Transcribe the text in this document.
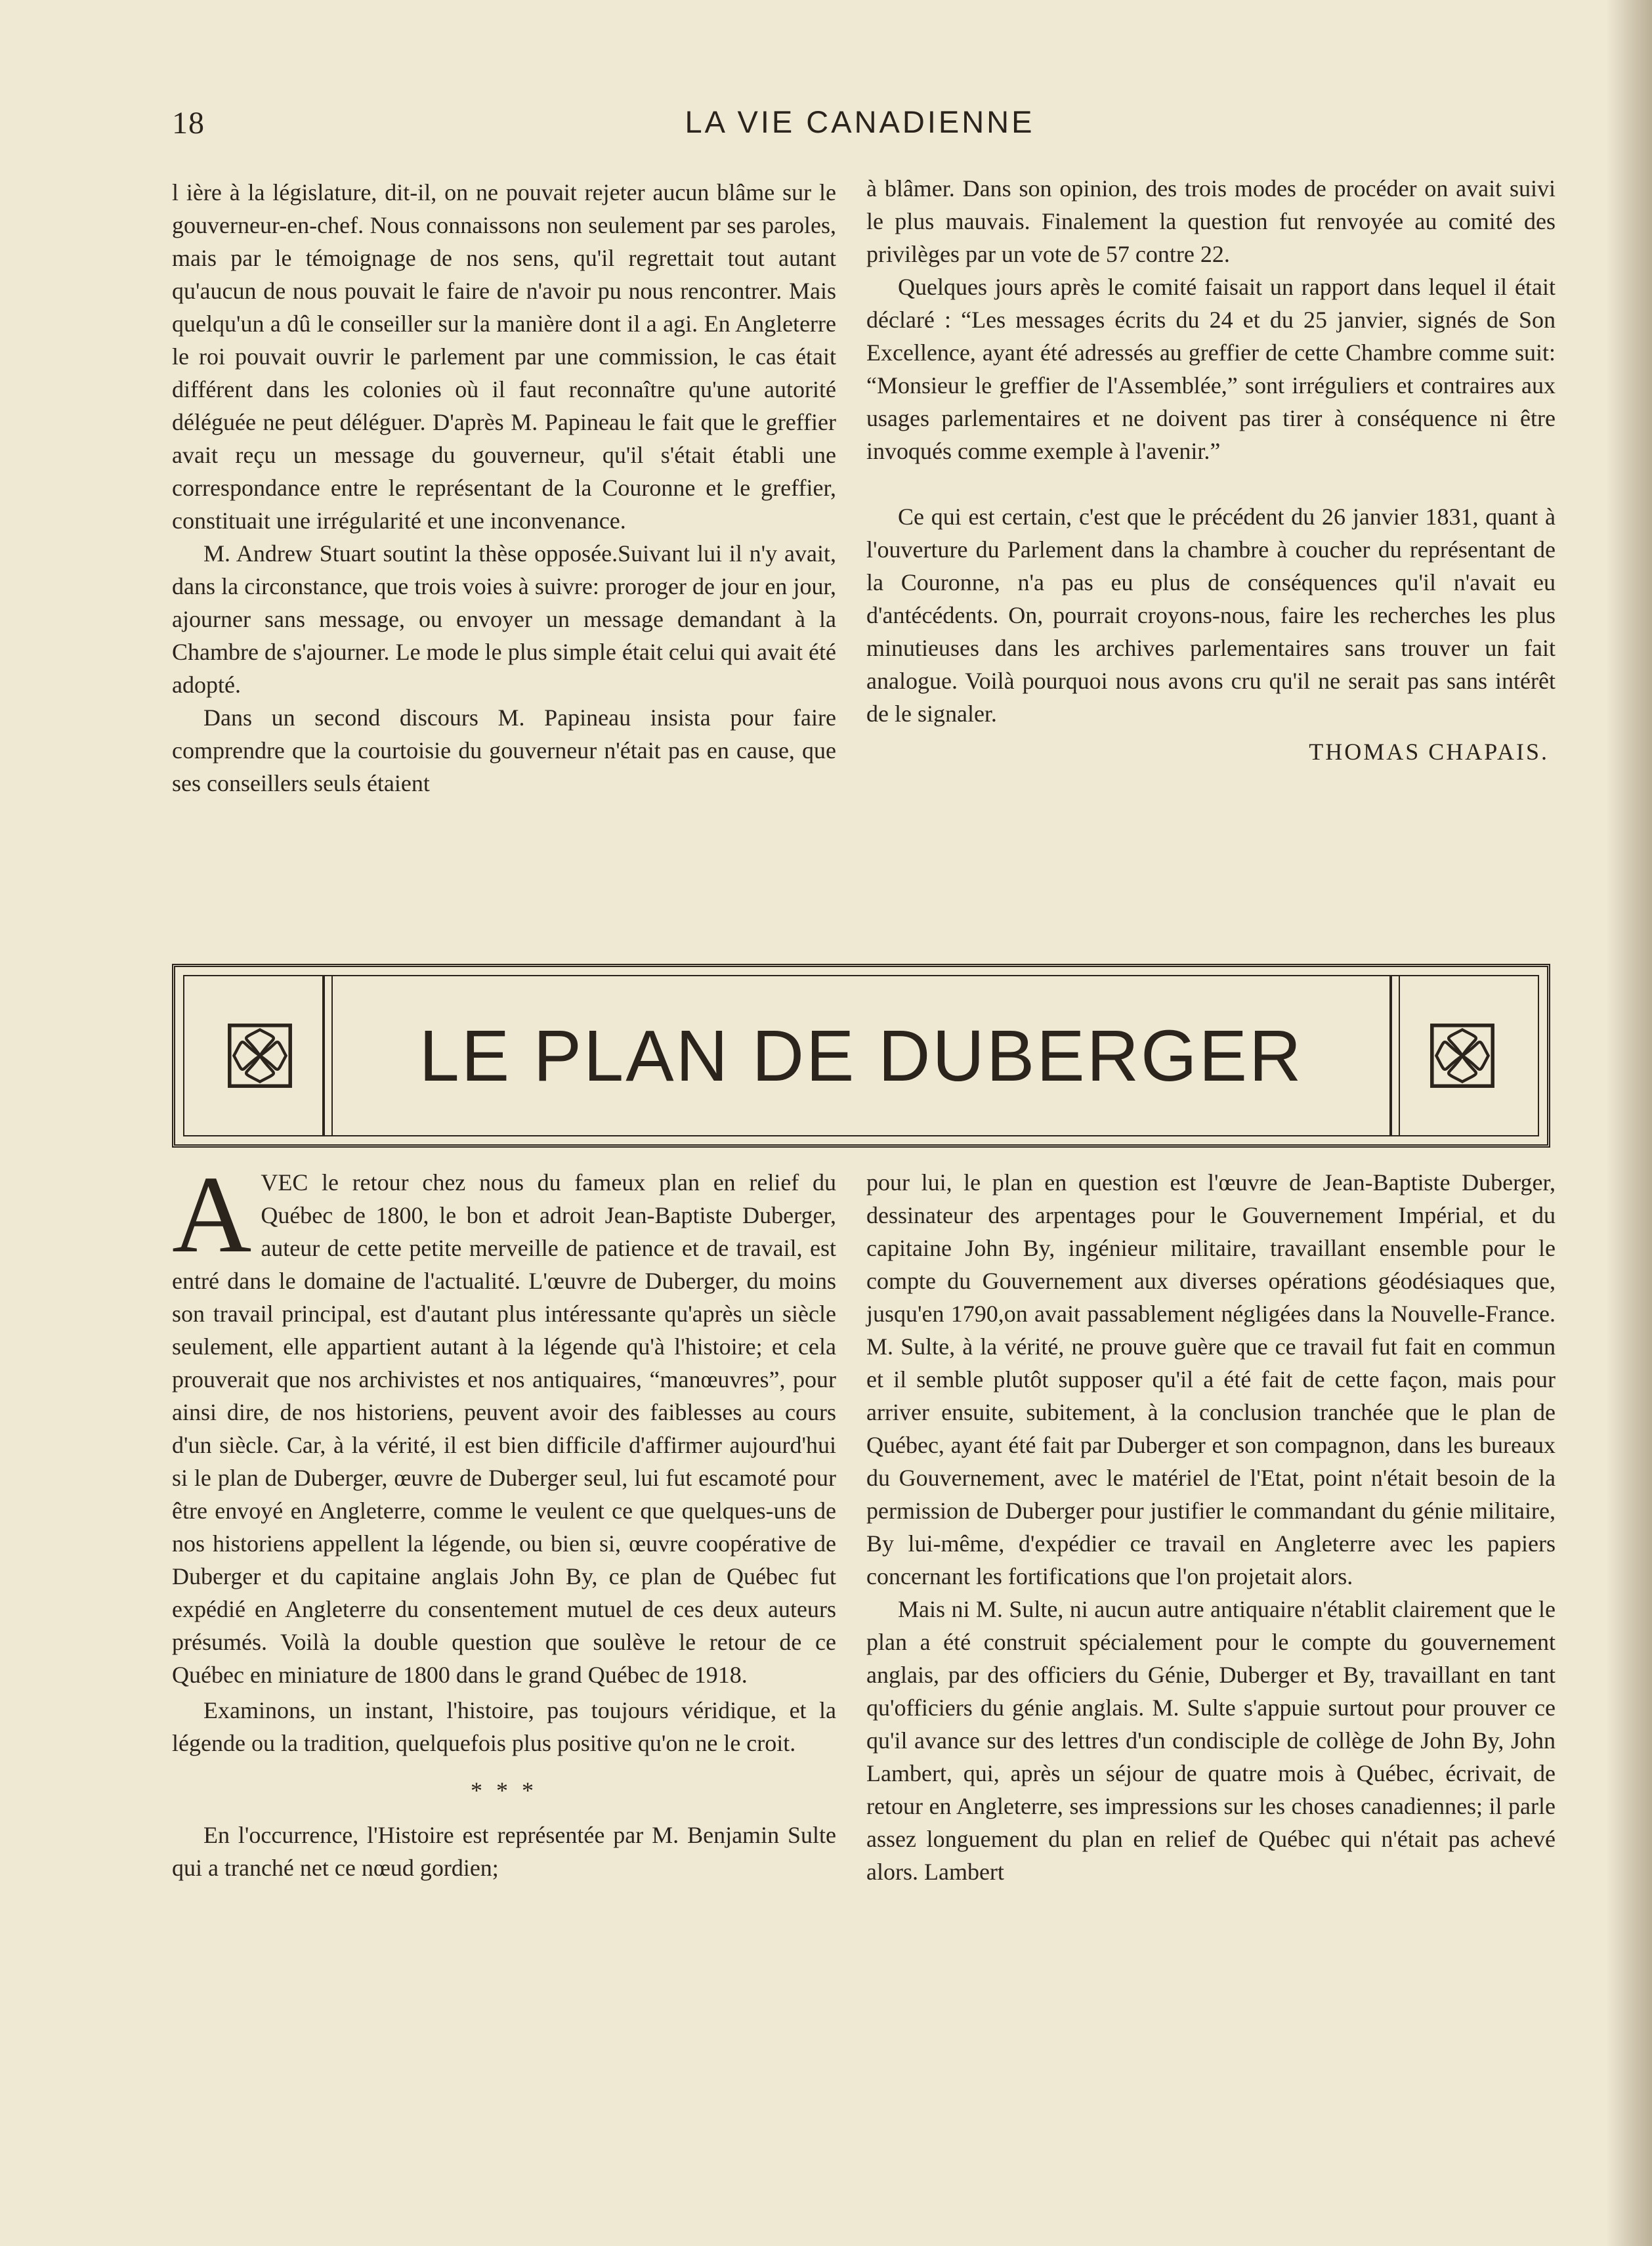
18	LA VIE CANADIENNE

l ière à la législature, dit-il, on ne pouvait rejeter aucun blâme sur le gouverneur-en-chef. Nous connaissons non seulement par ses paroles, mais par le témoignage de nos sens, qu'il regrettait tout autant qu'aucun de nous pouvait le faire de n'avoir pu nous rencontrer. Mais quelqu'un a dû le conseiller sur la manière dont il a agi. En Angleterre le roi pouvait ouvrir le parlement par une commission, le cas était différent dans les colonies où il faut reconnaître qu'une autorité déléguée ne peut déléguer. D'après M. Papineau le fait que le greffier avait reçu un message du gouverneur, qu'il s'était établi une correspondance entre le représentant de la Couronne et le greffier, constituait une irrégularité et une inconvenance.

M. Andrew Stuart soutint la thèse opposée.Suivant lui il n'y avait, dans la circonstance, que trois voies à suivre: proroger de jour en jour, ajourner sans message, ou envoyer un message demandant à la Chambre de s'ajourner. Le mode le plus simple était celui qui avait été adopté.

Dans un second discours M. Papineau insista pour faire comprendre que la courtoisie du gouverneur n'était pas en cause, que ses conseillers seuls étaient

à blâmer. Dans son opinion, des trois modes de procéder on avait suivi le plus mauvais. Finalement la question fut renvoyée au comité des privilèges par un vote de 57 contre 22.

Quelques jours après le comité faisait un rapport dans lequel il était déclaré : “Les messages écrits du 24 et du 25 janvier, signés de Son Excellence, ayant été adressés au greffier de cette Chambre comme suit: “Monsieur le greffier de l'Assemblée,” sont irréguliers et contraires aux usages parlementaires et ne doivent pas tirer à conséquence ni être invoqués comme exemple à l'avenir.”

Ce qui est certain, c'est que le précédent du 26 janvier 1831, quant à l'ouverture du Parlement dans la chambre à coucher du représentant de la Couronne, n'a pas eu plus de conséquences qu'il n'avait eu d'antécédents. On, pourrait croyons-nous, faire les recherches les plus minutieuses dans les archives parlementaires sans trouver un fait analogue. Voilà pourquoi nous avons cru qu'il ne serait pas sans intérêt de le signaler.

THOMAS CHAPAIS.

LE PLAN DE DUBERGER

AVEC le retour chez nous du fameux plan en relief du Québec de 1800, le bon et adroit Jean-Baptiste Duberger, auteur de cette petite merveille de patience et de travail, est entré dans le domaine de l'actualité. L'œuvre de Duberger, du moins son travail principal, est d'autant plus intéressante qu'après un siècle seulement, elle appartient autant à la légende qu'à l'histoire; et cela prouverait que nos archivistes et nos antiquaires, “manœuvres”, pour ainsi dire, de nos historiens, peuvent avoir des faiblesses au cours d'un siècle. Car, à la vérité, il est bien difficile d'affirmer aujourd'hui si le plan de Duberger, œuvre de Duberger seul, lui fut escamoté pour être envoyé en Angleterre, comme le veulent ce que quelques-uns de nos historiens appellent la légende, ou bien si, œuvre coopérative de Duberger et du capitaine anglais John By, ce plan de Québec fut expédié en Angleterre du consentement mutuel de ces deux auteurs présumés. Voilà la double question que soulève le retour de ce Québec en miniature de 1800 dans le grand Québec de 1918.

Examinons, un instant, l'histoire, pas toujours véridique, et la légende ou la tradition, quelquefois plus positive qu'on ne le croit.

* * *

En l'occurrence, l'Histoire est représentée par M. Benjamin Sulte qui a tranché net ce nœud gordien;

pour lui, le plan en question est l'œuvre de Jean-Baptiste Duberger, dessinateur des arpentages pour le Gouvernement Impérial, et du capitaine John By, ingénieur militaire, travaillant ensemble pour le compte du Gouvernement aux diverses opérations géodésiaques que, jusqu'en 1790,on avait passablement négligées dans la Nouvelle-France. M. Sulte, à la vérité, ne prouve guère que ce travail fut fait en commun et il semble plutôt supposer qu'il a été fait de cette façon, mais pour arriver ensuite, subitement, à la conclusion tranchée que le plan de Québec, ayant été fait par Duberger et son compagnon, dans les bureaux du Gouvernement, avec le matériel de l'Etat, point n'était besoin de la permission de Duberger pour justifier le commandant du génie militaire, By lui-même, d'expédier ce travail en Angleterre avec les papiers concernant les fortifications que l'on projetait alors.

Mais ni M. Sulte, ni aucun autre antiquaire n'établit clairement que le plan a été construit spécialement pour le compte du gouvernement anglais, par des officiers du Génie, Duberger et By, travaillant en tant qu'officiers du génie anglais. M. Sulte s'appuie surtout pour prouver ce qu'il avance sur des lettres d'un condisciple de collège de John By, John Lambert, qui, après un séjour de quatre mois à Québec, écrivait, de retour en Angleterre, ses impressions sur les choses canadiennes; il parle assez longuement du plan en relief de Québec qui n'était pas achevé alors. Lambert
